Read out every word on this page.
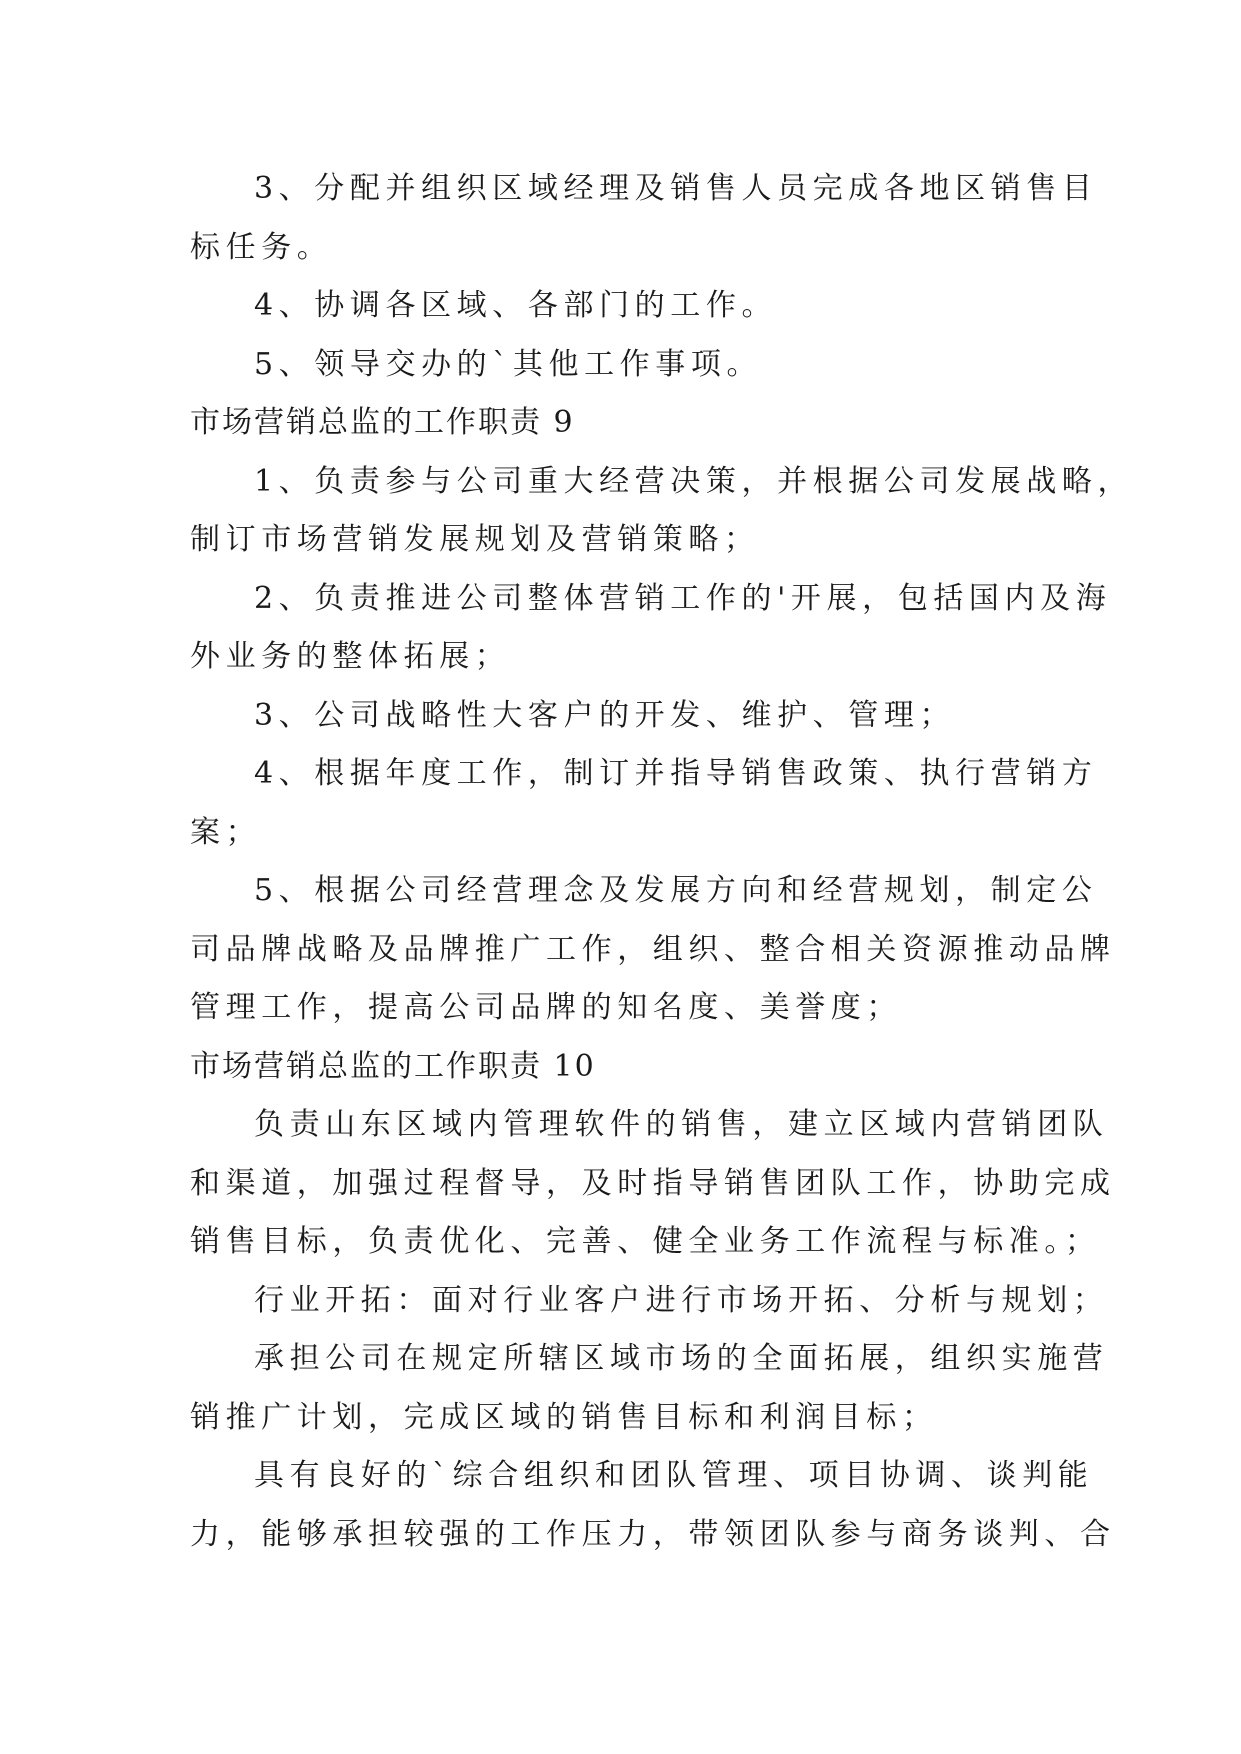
3、分配并组织区域经理及销售人员完成各地区销售目
标任务。
4、协调各区域、各部门的工作。
5、领导交办的`其他工作事项。
市场营销总监的工作职责 9
1、负责参与公司重大经营决策，并根据公司发展战略，
制订市场营销发展规划及营销策略；
2、负责推进公司整体营销工作的'开展，包括国内及海
外业务的整体拓展；
3、公司战略性大客户的开发、维护、管理；
4、根据年度工作，制订并指导销售政策、执行营销方
案；
5、根据公司经营理念及发展方向和经营规划，制定公
司品牌战略及品牌推广工作，组织、整合相关资源推动品牌
管理工作，提高公司品牌的知名度、美誉度；
市场营销总监的工作职责 10
负责山东区域内管理软件的销售，建立区域内营销团队
和渠道，加强过程督导，及时指导销售团队工作，协助完成
销售目标，负责优化、完善、健全业务工作流程与标准。；
行业开拓：面对行业客户进行市场开拓、分析与规划；
承担公司在规定所辖区域市场的全面拓展，组织实施营
销推广计划，完成区域的销售目标和利润目标；
具有良好的`综合组织和团队管理、项目协调、谈判能
力，能够承担较强的工作压力，带领团队参与商务谈判、合
